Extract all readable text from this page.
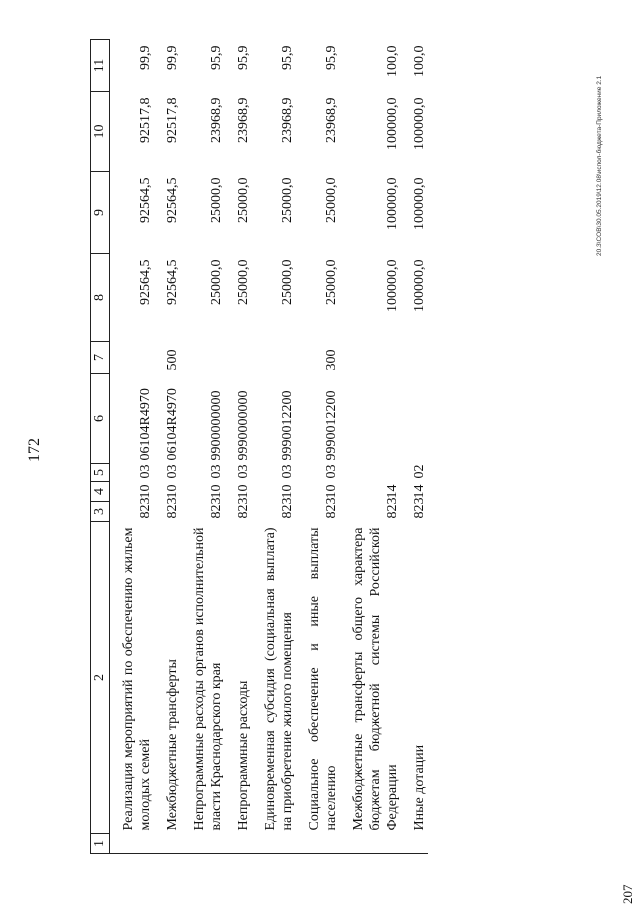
172
1	2	3	4	5	6	7	8	9	10	11
	Реализация мероприятий по обеспечению жильем молодых семей	823	10	03	06104R4970		92564,5	92564,5	92517,8	99,9
	Межбюджетные трансферты	823	10	03	06104R4970	500	92564,5	92564,5	92517,8	99,9
	Непрограммные расходы органов исполнительной власти Краснодарского края	823	10	03	9900000000		25000,0	25000,0	23968,9	95,9
	Непрограммные расходы	823	10	03	9990000000		25000,0	25000,0	23968,9	95,9
	Единовременная субсидия (социальная выплата) на приобретение жилого помещения	823	10	03	9990012200		25000,0	25000,0	23968,9	95,9
	Социальное обеспечение и иные выплаты населению	823	10	03	9990012200	300	25000,0	25000,0	23968,9	95,9
	Межбюджетные трансферты общего характера бюджетам бюджетной системы Российской Федерации	823	14				100000,0	100000,0	100000,0	100,0
	Иные дотации	823	14	02			100000,0	100000,0	100000,0	100,0
20.3\COB\30.05.2019\12.08\испол-бюджета-Приложение 2.1
207
